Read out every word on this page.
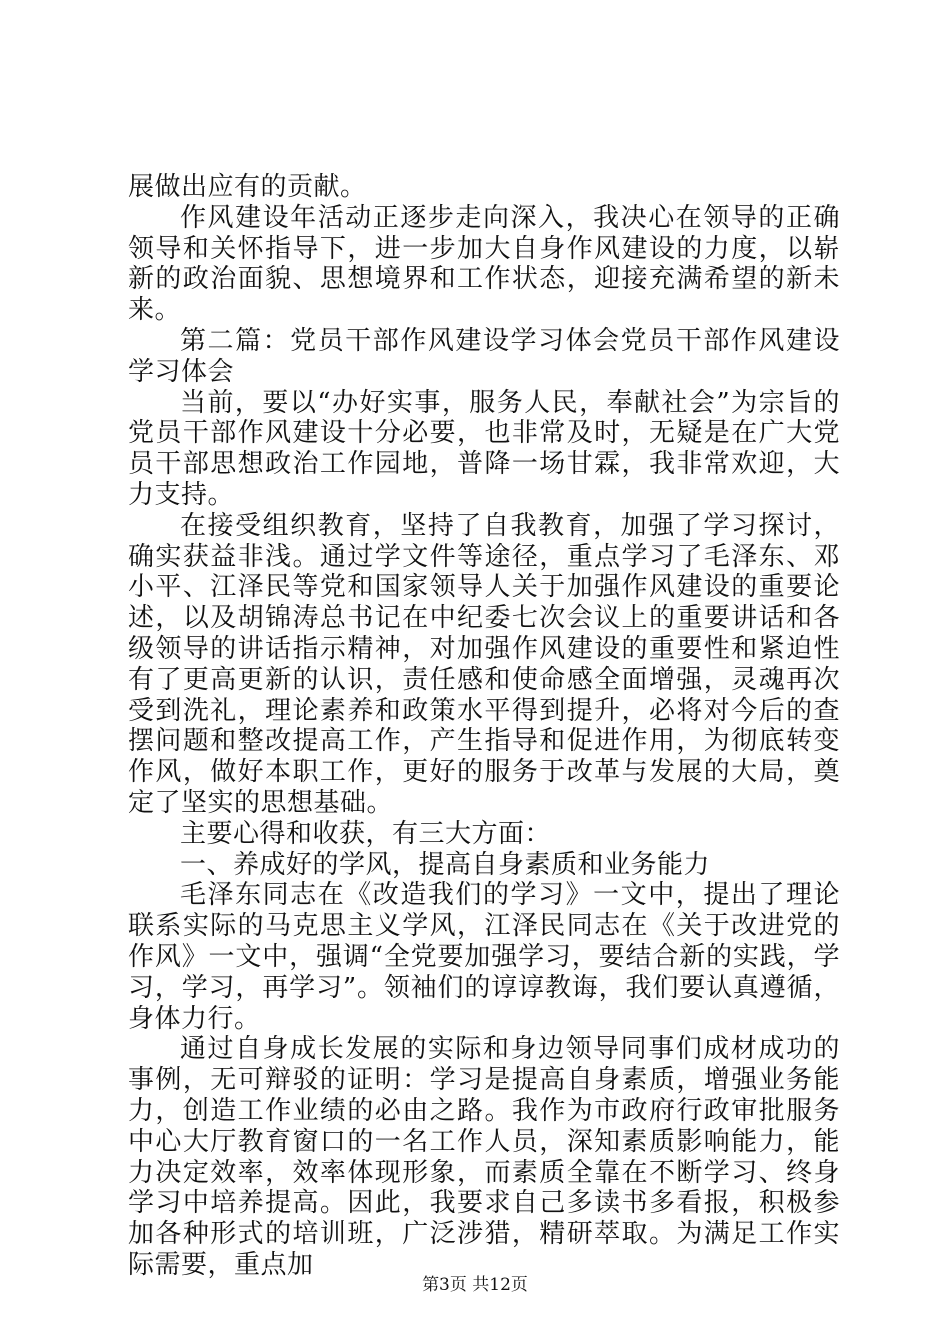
展做出应有的贡献。

作风建设年活动正逐步走向深入，我决心在领导的正确领导和关怀指导下，进一步加大自身作风建设的力度，以崭新的政治面貌、思想境界和工作状态，迎接充满希望的新未来。

第二篇：党员干部作风建设学习体会党员干部作风建设学习体会

当前，要以“办好实事，服务人民，奉献社会”为宗旨的党员干部作风建设十分必要，也非常及时，无疑是在广大党员干部思想政治工作园地，普降一场甘霖，我非常欢迎，大力支持。

在接受组织教育，坚持了自我教育，加强了学习探讨，确实获益非浅。通过学文件等途径，重点学习了毛泽东、邓小平、江泽民等党和国家领导人关于加强作风建设的重要论述，以及胡锦涛总书记在中纪委七次会议上的重要讲话和各级领导的讲话指示精神，对加强作风建设的重要性和紧迫性有了更高更新的认识，责任感和使命感全面增强，灵魂再次受到洗礼，理论素养和政策水平得到提升，必将对今后的查摆问题和整改提高工作，产生指导和促进作用，为彻底转变作风，做好本职工作，更好的服务于改革与发展的大局，奠定了坚实的思想基础。

主要心得和收获，有三大方面：

一、养成好的学风，提高自身素质和业务能力

毛泽东同志在《改造我们的学习》一文中，提出了理论联系实际的马克思主义学风，江泽民同志在《关于改进党的作风》一文中，强调“全党要加强学习，要结合新的实践，学习，学习，再学习”。领袖们的谆谆教诲，我们要认真遵循，身体力行。

通过自身成长发展的实际和身边领导同事们成材成功的事例，无可辩驳的证明：学习是提高自身素质，增强业务能力，创造工作业绩的必由之路。我作为市政府行政审批服务中心大厅教育窗口的一名工作人员，深知素质影响能力，能力决定效率，效率体现形象，而素质全靠在不断学习、终身学习中培养提高。因此，我要求自己多读书多看报，积极参加各种形式的培训班，广泛涉猎，精研萃取。为满足工作实际需要，重点加

第3页 共12页
